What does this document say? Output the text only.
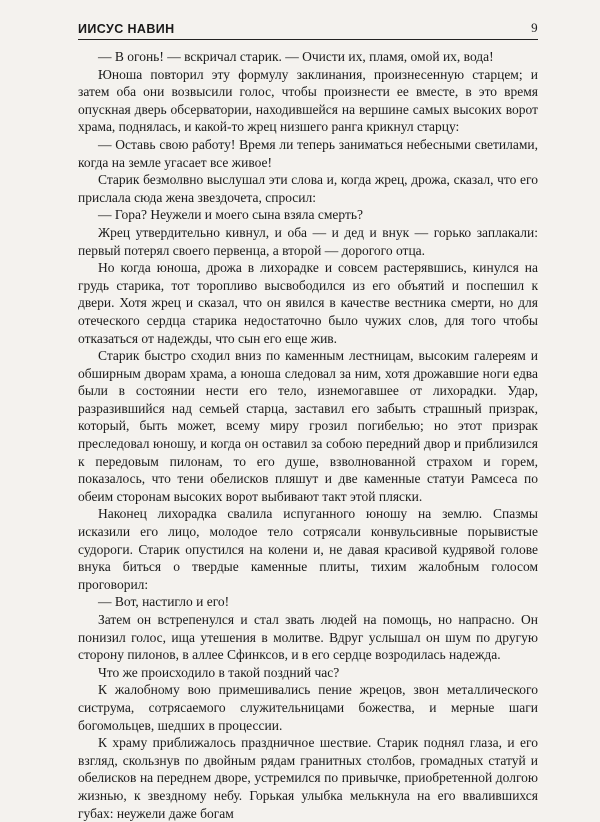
ИИСУС НАВИН	9

— В огонь! — вскричал старик. — Очисти их, пламя, омой их, вода!

Юноша повторил эту формулу заклинания, произнесенную старцем; и затем оба они возвысили голос, чтобы произнести ее вместе, в это время опускная дверь обсерватории, находившейся на вершине самых высоких ворот храма, поднялась, и какой-то жрец низшего ранга крикнул старцу:

— Оставь свою работу! Время ли теперь заниматься небесными светилами, когда на земле угасает все живое!

Старик безмолвно выслушал эти слова и, когда жрец, дрожа, сказал, что его прислала сюда жена звездочета, спросил:

— Гора? Неужели и моего сына взяла смерть?

Жрец утвердительно кивнул, и оба — и дед и внук — горько заплакали: первый потерял своего первенца, а второй — дорогого отца.

Но когда юноша, дрожа в лихорадке и совсем растерявшись, кинулся на грудь старика, тот торопливо высвободился из его объятий и поспешил к двери. Хотя жрец и сказал, что он явился в качестве вестника смерти, но для отеческого сердца старика недостаточно было чужих слов, для того чтобы отказаться от надежды, что сын его еще жив.

Старик быстро сходил вниз по каменным лестницам, высоким галереям и обширным дворам храма, а юноша следовал за ним, хотя дрожавшие ноги едва были в состоянии нести его тело, изнемогавшее от лихорадки. Удар, разразившийся над семьей старца, заставил его забыть страшный призрак, который, быть может, всему миру грозил погибелью; но этот призрак преследовал юношу, и когда он оставил за собою передний двор и приблизился к передовым пилонам, то его душе, взволнованной страхом и горем, показалось, что тени обелисков пляшут и две каменные статуи Рамсеса по обеим сторонам высоких ворот выбивают такт этой пляски.

Наконец лихорадка свалила испуганного юношу на землю. Спазмы исказили его лицо, молодое тело сотрясали конвульсивные порывистые судороги. Старик опустился на колени и, не давая красивой кудрявой голове внука биться о твердые каменные плиты, тихим жалобным голосом проговорил:

— Вот, настигло и его!

Затем он встрепенулся и стал звать людей на помощь, но напрасно. Он понизил голос, ища утешения в молитве. Вдруг услышал он шум по другую сторону пилонов, в аллее Сфинксов, и в его сердце возродилась надежда.

Что же происходило в такой поздний час?

К жалобному вою примешивались пение жрецов, звон металлического систрума, сотрясаемого служительницами божества, и мерные шаги богомольцев, шедших в процессии.

К храму приближалось праздничное шествие. Старик поднял глаза, и его взгляд, скользнув по двойным рядам гранитных столбов, громадных статуй и обелисков на переднем дворе, устремился по привычке, приобретенной долгою жизнью, к звездному небу. Горькая улыбка мелькнула на его ввалившихся губах: неужели даже богам
